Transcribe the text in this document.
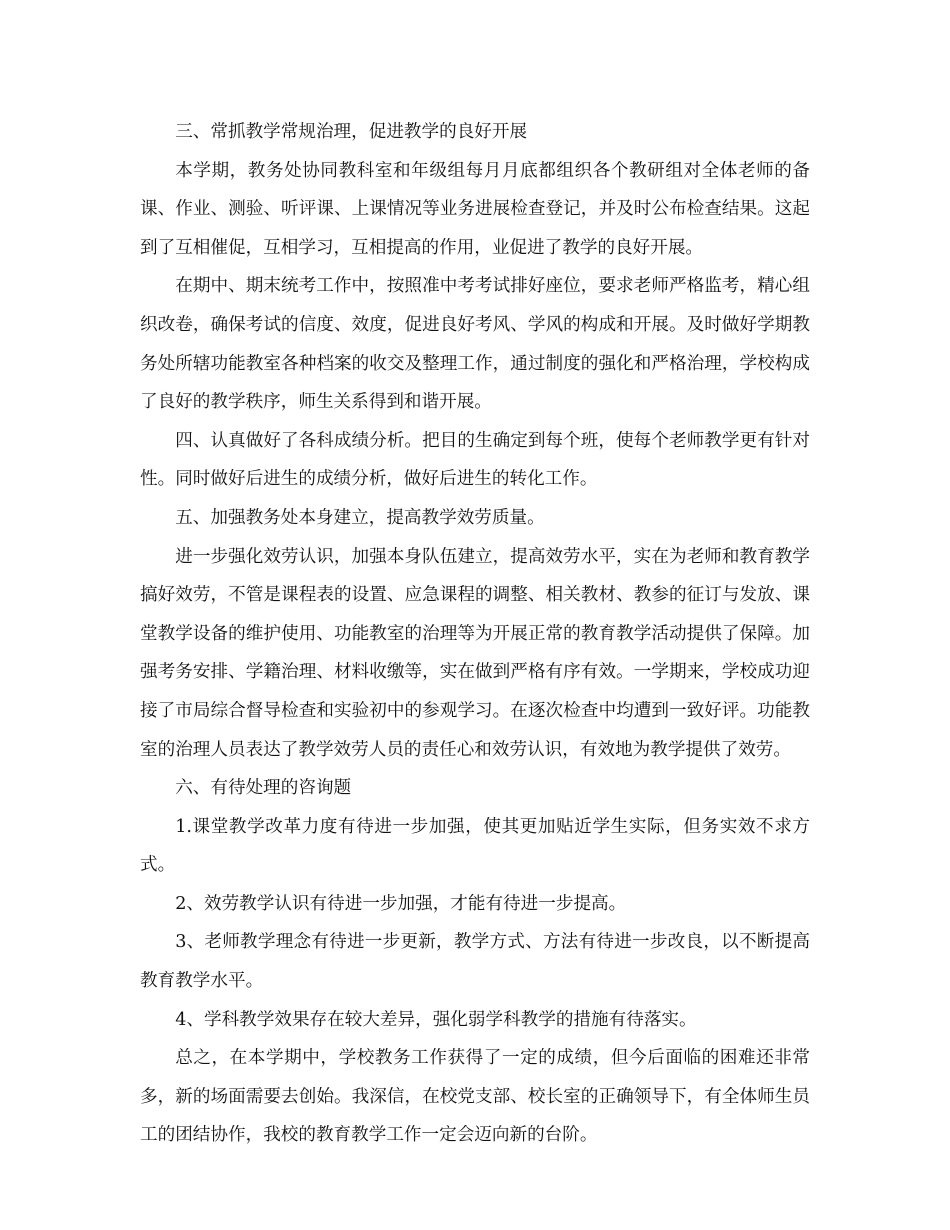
三、常抓教学常规治理，促进教学的良好开展

本学期，教务处协同教科室和年级组每月月底都组织各个教研组对全体老师的备课、作业、测验、听评课、上课情况等业务进展检查登记，并及时公布检查结果。这起到了互相催促，互相学习，互相提高的作用，业促进了教学的良好开展。

在期中、期末统考工作中，按照准中考考试排好座位，要求老师严格监考，精心组织改卷，确保考试的信度、效度，促进良好考风、学风的构成和开展。及时做好学期教务处所辖功能教室各种档案的收交及整理工作，通过制度的强化和严格治理，学校构成了良好的教学秩序，师生关系得到和谐开展。

四、认真做好了各科成绩分析。把目的生确定到每个班，使每个老师教学更有针对性。同时做好后进生的成绩分析，做好后进生的转化工作。

五、加强教务处本身建立，提高教学效劳质量。

进一步强化效劳认识，加强本身队伍建立，提高效劳水平，实在为老师和教育教学搞好效劳，不管是课程表的设置、应急课程的调整、相关教材、教参的征订与发放、课堂教学设备的维护使用、功能教室的治理等为开展正常的教育教学活动提供了保障。加强考务安排、学籍治理、材料收缴等，实在做到严格有序有效。一学期来，学校成功迎接了市局综合督导检查和实验初中的参观学习。在逐次检查中均遭到一致好评。功能教室的治理人员表达了教学效劳人员的责任心和效劳认识，有效地为教学提供了效劳。

六、有待处理的咨询题

1.课堂教学改革力度有待进一步加强，使其更加贴近学生实际，但务实效不求方式。

2、效劳教学认识有待进一步加强，才能有待进一步提高。

3、老师教学理念有待进一步更新，教学方式、方法有待进一步改良，以不断提高教育教学水平。

4、学科教学效果存在较大差异，强化弱学科教学的措施有待落实。

总之，在本学期中，学校教务工作获得了一定的成绩，但今后面临的困难还非常多，新的场面需要去创始。我深信，在校党支部、校长室的正确领导下，有全体师生员工的团结协作，我校的教育教学工作一定会迈向新的台阶。
